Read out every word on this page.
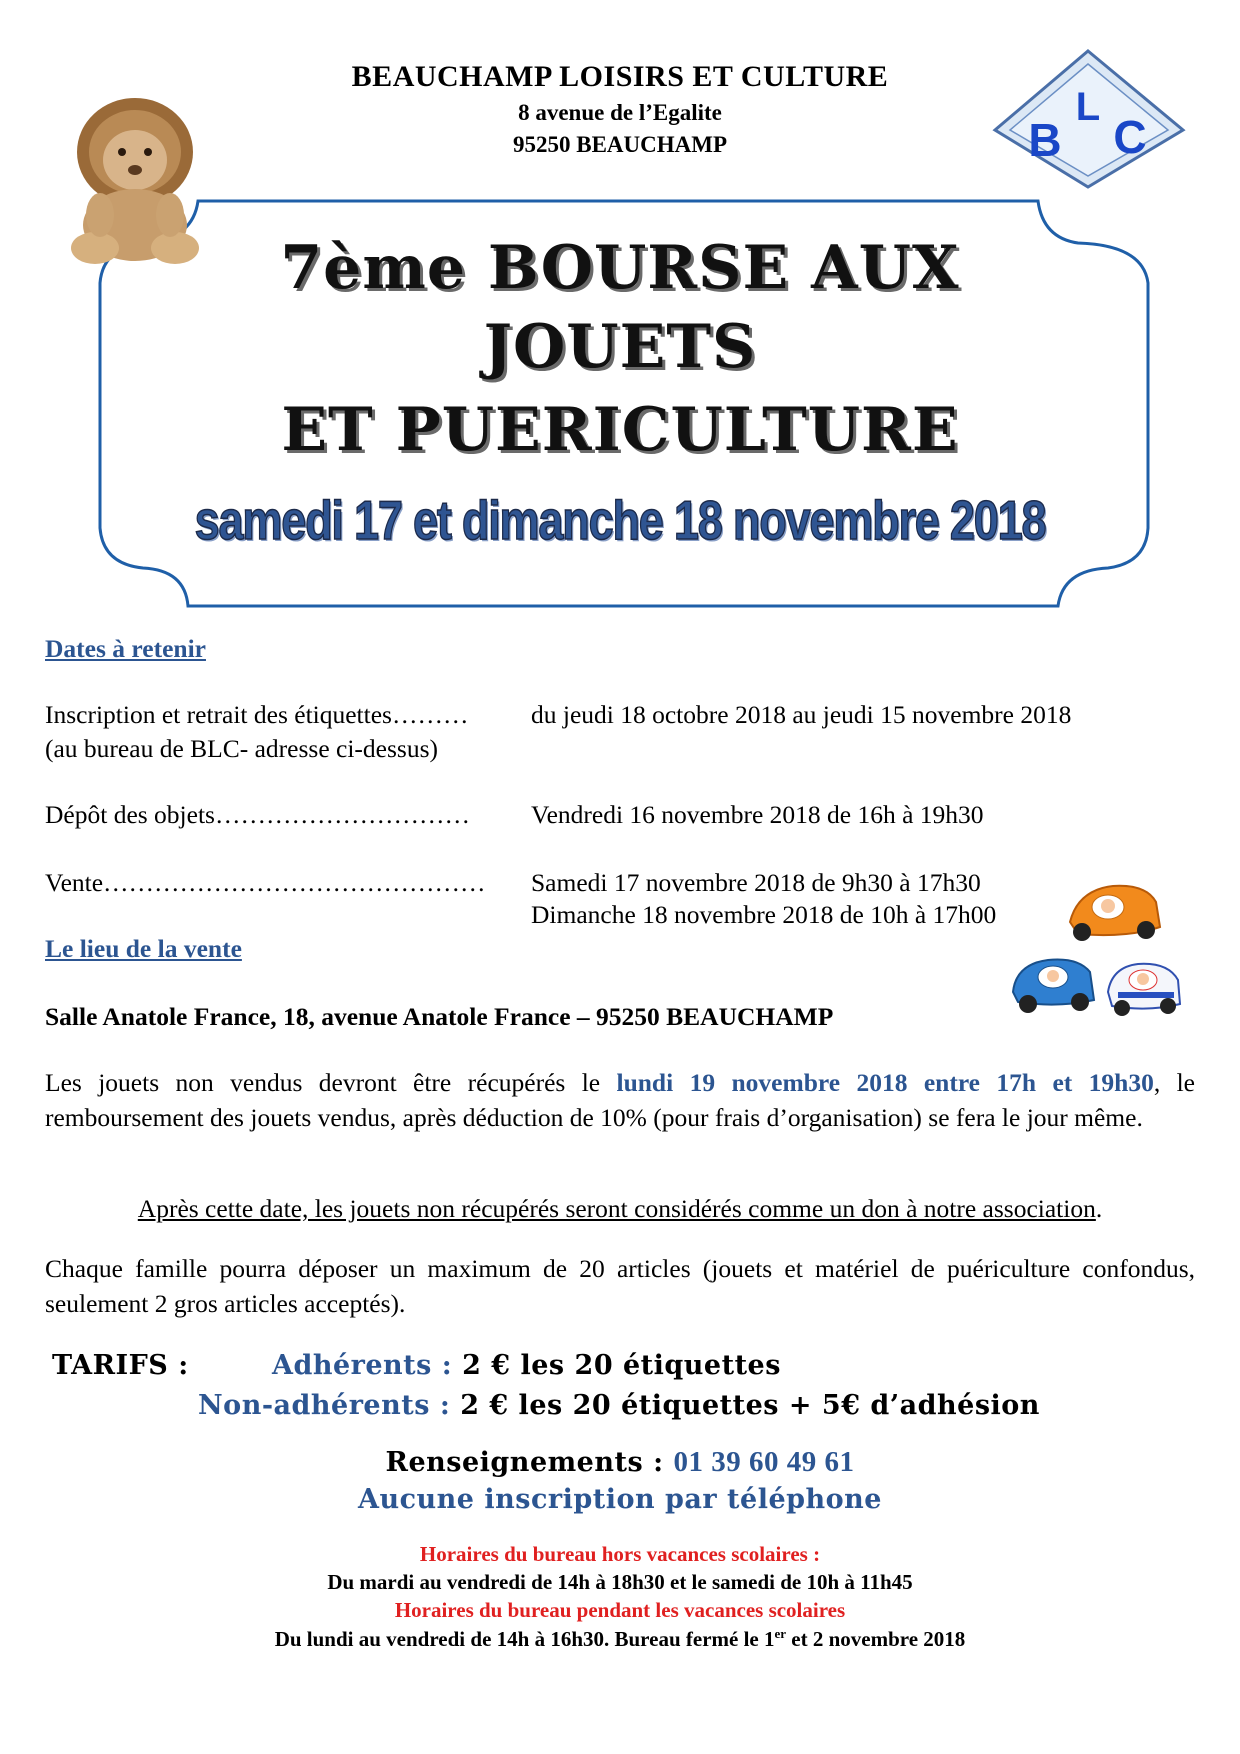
L
B C
BEAUCHAMP LOISIRS ET CULTURE
8 avenue de l’Egalite
95250 BEAUCHAMP
7ème BOURSE AUX
JOUETS
ET PUERICULTURE
samedi 17 et dimanche 18 novembre 2018
Dates à retenir
Inscription et retrait des étiquettes……… du jeudi 18 octobre 2018 au jeudi 15 novembre 2018
(au bureau de BLC- adresse ci-dessus)
Dépôt des objets………………………… Vendredi 16 novembre 2018 de 16h à 19h30
Vente……………………………………… Samedi 17 novembre 2018 de 9h30 à 17h30
Dimanche 18 novembre 2018 de 10h à 17h00
Le lieu de la vente
Salle Anatole France, 18, avenue Anatole France – 95250 BEAUCHAMP
Les jouets non vendus devront être récupérés le lundi 19 novembre 2018 entre 17h et 19h30, le remboursement des jouets vendus, après déduction de 10% (pour frais d’organisation) se fera le jour même.
Après cette date, les jouets non récupérés seront considérés comme un don à notre association.
Chaque famille pourra déposer un maximum de 20 articles (jouets et matériel de puériculture confondus, seulement 2 gros articles acceptés).
TARIFS :	Adhérents : 2 € les 20 étiquettes
Non-adhérents : 2 € les 20 étiquettes + 5€ d’adhésion
Renseignements : 01 39 60 49 61
Aucune inscription par téléphone
Horaires du bureau hors vacances scolaires :
Du mardi au vendredi de 14h à 18h30 et le samedi de 10h à 11h45
Horaires du bureau pendant les vacances scolaires
Du lundi au vendredi de 14h à 16h30. Bureau fermé le 1er et 2 novembre 2018
